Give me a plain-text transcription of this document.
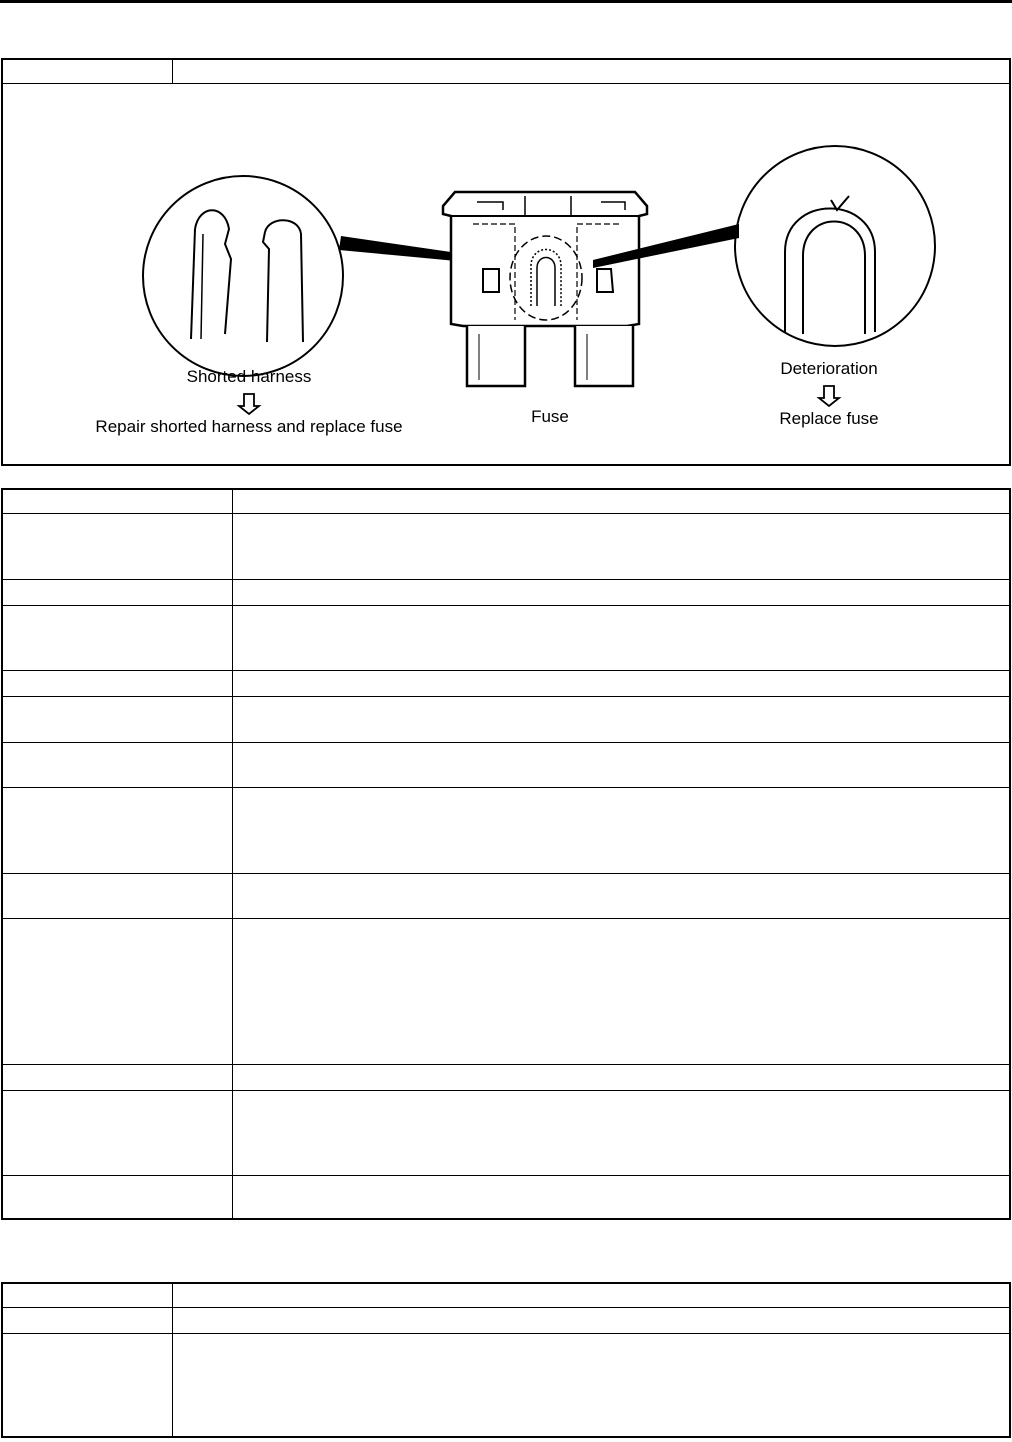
Shorted harness
Repair shorted harness and replace fuse
Fuse
Deterioration
Replace fuse
